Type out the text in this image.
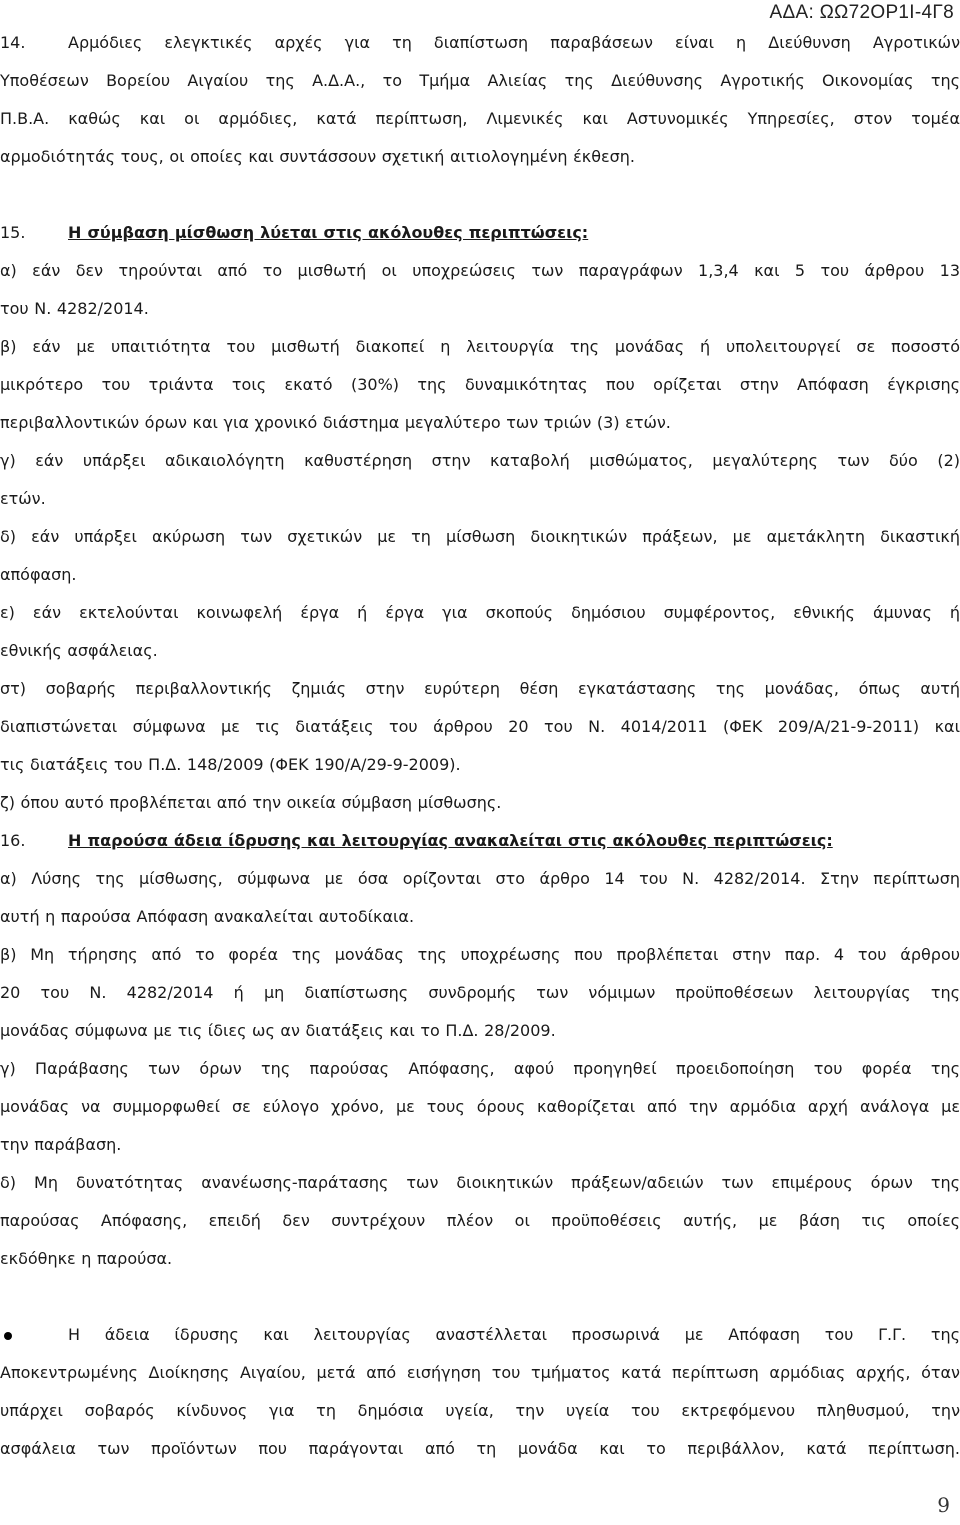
ΑΔΑ: ΩΩ72ΟΡ1Ι-4Γ8
14.	Αρμόδιες ελεγκτικές αρχές για τη διαπίστωση παραβάσεων είναι η Διεύθυνση Αγροτικών
Υποθέσεων Βορείου Αιγαίου της Α.Δ.Α., το Τμήμα Αλιείας της Διεύθυνσης Αγροτικής Οικονομίας της
Π.Β.Α. καθώς και οι αρμόδιες, κατά περίπτωση, Λιμενικές και Αστυνομικές Υπηρεσίες, στον τομέα
αρμοδιότητάς τους, οι οποίες και συντάσσουν σχετική αιτιολογημένη έκθεση.
15.	Η σύμβαση μίσθωση λύεται στις ακόλουθες περιπτώσεις:
α) εάν δεν τηρούνται από το μισθωτή οι υποχρεώσεις των παραγράφων 1,3,4 και 5 του άρθρου 13
του Ν. 4282/2014.
β) εάν με υπαιτιότητα του μισθωτή διακοπεί η λειτουργία της μονάδας ή υπολειτουργεί σε ποσοστό
μικρότερο του τριάντα τοις εκατό (30%) της δυναμικότητας που ορίζεται στην Απόφαση έγκρισης
περιβαλλοντικών όρων και για χρονικό διάστημα μεγαλύτερο των τριών (3) ετών.
γ) εάν υπάρξει αδικαιολόγητη καθυστέρηση στην καταβολή μισθώματος, μεγαλύτερης των δύο (2)
ετών.
δ) εάν υπάρξει ακύρωση των σχετικών με τη μίσθωση διοικητικών πράξεων, με αμετάκλητη δικαστική
απόφαση.
ε) εάν εκτελούνται κοινωφελή έργα ή έργα για σκοπούς δημόσιου συμφέροντος, εθνικής άμυνας ή
εθνικής ασφάλειας.
στ) σοβαρής περιβαλλοντικής ζημιάς στην ευρύτερη θέση εγκατάστασης της μονάδας, όπως αυτή
διαπιστώνεται σύμφωνα με τις διατάξεις του άρθρου 20 του Ν. 4014/2011 (ΦΕΚ 209/Α/21-9-2011) και
τις διατάξεις του Π.Δ. 148/2009 (ΦΕΚ 190/Α/29-9-2009).
ζ) όπου αυτό προβλέπεται από την οικεία σύμβαση μίσθωσης.
16.	Η παρούσα άδεια ίδρυσης και λειτουργίας ανακαλείται στις ακόλουθες περιπτώσεις:
α) Λύσης της μίσθωσης, σύμφωνα με όσα ορίζονται στο άρθρο 14 του Ν. 4282/2014. Στην περίπτωση
αυτή η παρούσα Απόφαση ανακαλείται αυτοδίκαια.
β) Μη τήρησης από το φορέα της μονάδας της υποχρέωσης που προβλέπεται στην παρ. 4 του άρθρου
20 του Ν. 4282/2014 ή μη διαπίστωσης συνδρομής των νόμιμων προϋποθέσεων λειτουργίας της
μονάδας σύμφωνα με τις ίδιες ως αν διατάξεις και το Π.Δ. 28/2009.
γ) Παράβασης των όρων της παρούσας Απόφασης, αφού προηγηθεί προειδοποίηση του φορέα της
μονάδας να συμμορφωθεί σε εύλογο χρόνο, με τους όρους καθορίζεται από την αρμόδια αρχή ανάλογα με
την παράβαση.
δ) Μη δυνατότητας ανανέωσης-παράτασης των διοικητικών πράξεων/αδειών των επιμέρους όρων της
παρούσας Απόφασης, επειδή δεν συντρέχουν πλέον οι προϋποθέσεις αυτής, με βάση τις οποίες
εκδόθηκε η παρούσα.
Η άδεια ίδρυσης και λειτουργίας αναστέλλεται προσωρινά με Απόφαση του Γ.Γ. της
Αποκεντρωμένης Διοίκησης Αιγαίου, μετά από εισήγηση του τμήματος κατά περίπτωση αρμόδιας αρχής, όταν
υπάρχει σοβαρός κίνδυνος για τη δημόσια υγεία, την υγεία του εκτρεφόμενου πληθυσμού, την
ασφάλεια των προϊόντων που παράγονται από τη μονάδα και το περιβάλλον, κατά περίπτωση.
9
